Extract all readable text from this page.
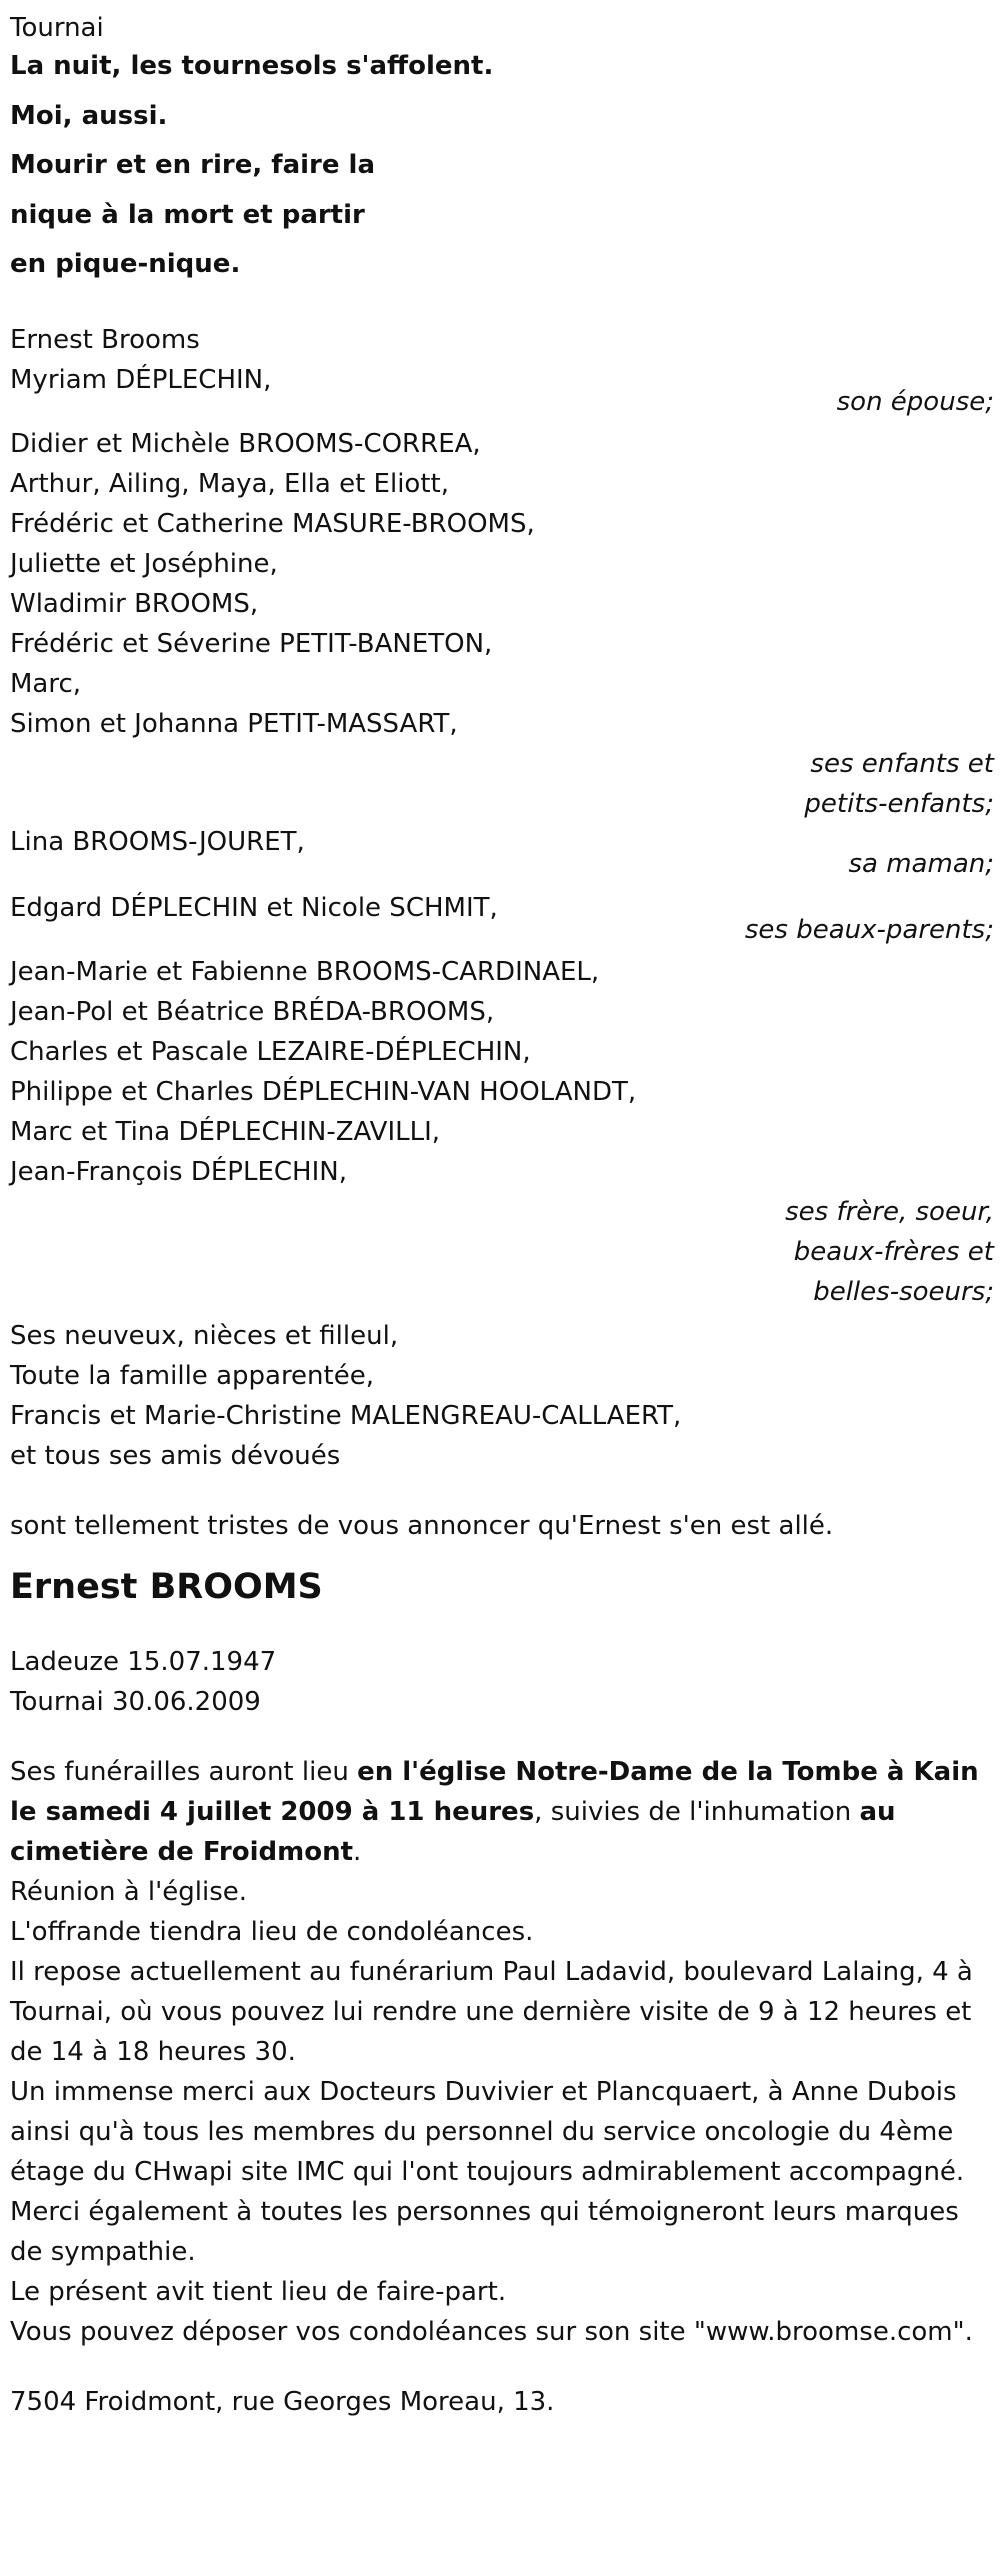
Tournai
La nuit, les tournesols s'affolent.
Moi, aussi.
Mourir et en rire, faire la
nique à la mort et partir
en pique-nique.
Ernest Brooms
Myriam DÉPLECHIN,
son épouse;
Didier et Michèle BROOMS-CORREA,
Arthur, Ailing, Maya, Ella et Eliott,
Frédéric et Catherine MASURE-BROOMS,
Juliette et Joséphine,
Wladimir BROOMS,
Frédéric et Séverine PETIT-BANETON,
Marc,
Simon et Johanna PETIT-MASSART,
ses enfants et
petits-enfants;
Lina BROOMS-JOURET,
sa maman;
Edgard DÉPLECHIN et Nicole SCHMIT,
ses beaux-parents;
Jean-Marie et Fabienne BROOMS-CARDINAEL,
Jean-Pol et Béatrice BRÉDA-BROOMS,
Charles et Pascale LEZAIRE-DÉPLECHIN,
Philippe et Charles DÉPLECHIN-VAN HOOLANDT,
Marc et Tina DÉPLECHIN-ZAVILLI,
Jean-François DÉPLECHIN,
ses frère, soeur,
beaux-frères et
belles-soeurs;
Ses neuveux, nièces et filleul,
Toute la famille apparentée,
Francis et Marie-Christine MALENGREAU-CALLAERT,
et tous ses amis dévoués
sont tellement tristes de vous annoncer qu'Ernest s'en est allé.
Ernest BROOMS
Ladeuze 15.07.1947
Tournai 30.06.2009

Ses funérailles auront lieu en l'église Notre-Dame de la Tombe à Kain le samedi 4 juillet 2009 à 11 heures, suivies de l'inhumation au cimetière de Froidmont.

Réunion à l'église.

L'offrande tiendra lieu de condoléances.

Il repose actuellement au funérarium Paul Ladavid, boulevard Lalaing, 4 à Tournai, où vous pouvez lui rendre une dernière visite de 9 à 12 heures et de 14 à 18 heures 30.

Un immense merci aux Docteurs Duvivier et Plancquaert, à Anne Dubois ainsi qu'à tous les membres du personnel du service oncologie du 4ème étage du CHwapi site IMC qui l'ont toujours admirablement accompagné.

Merci également à toutes les personnes qui témoigneront leurs marques de sympathie.

Le présent avit tient lieu de faire-part.

Vous pouvez déposer vos condoléances sur son site "www.broomse.com".

7504 Froidmont, rue Georges Moreau, 13.
